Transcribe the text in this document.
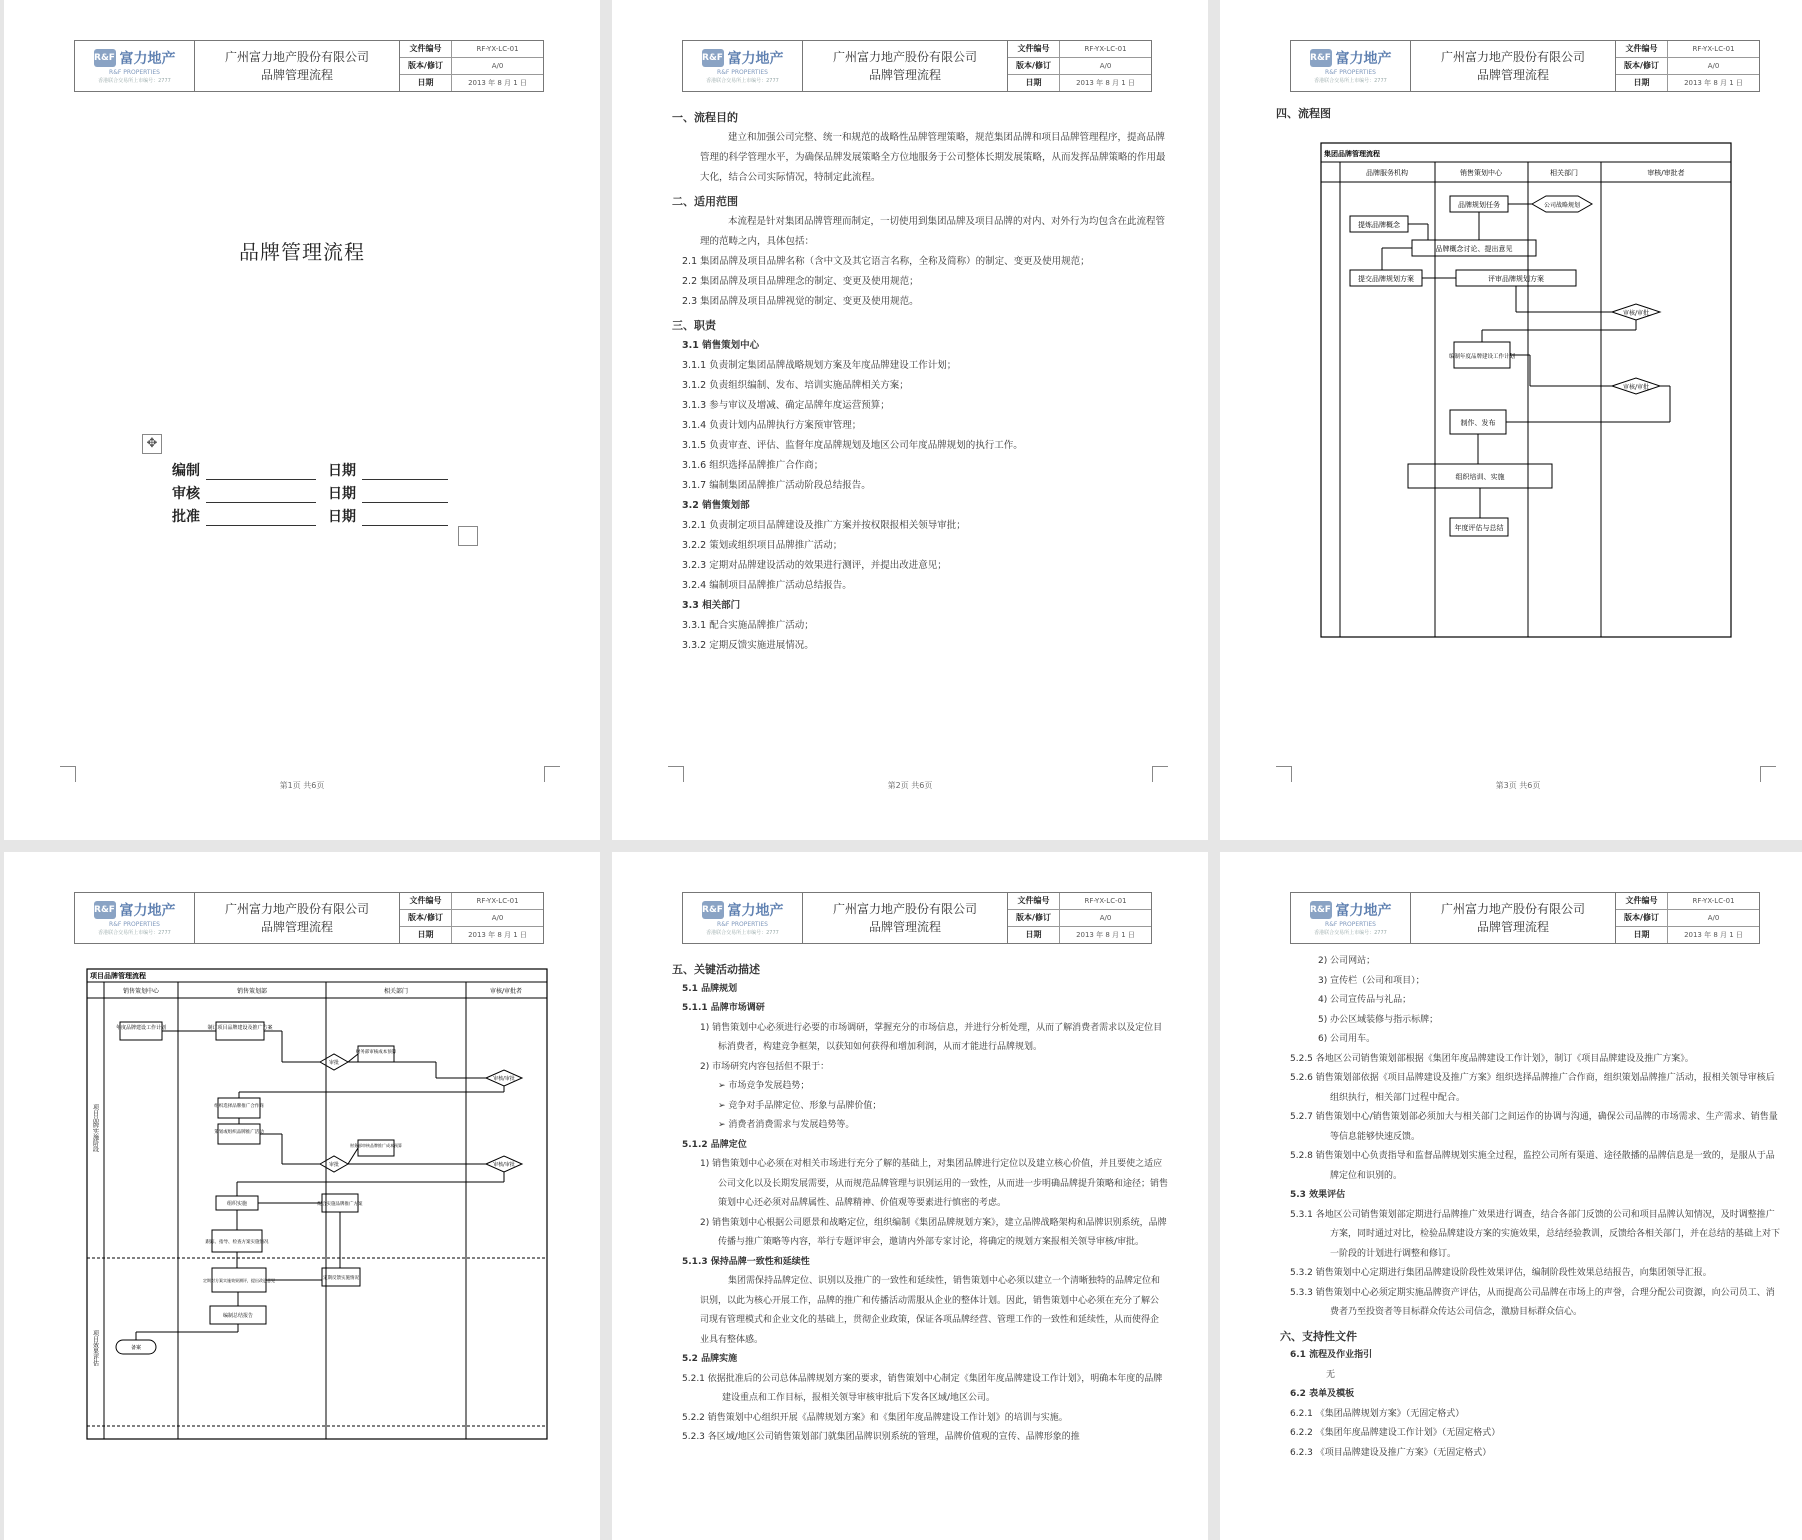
R&F 富力地产
R&F PROPERTIES
香港联合交易所上市编号：2777
广州富力地产股份有限公司
品牌管理流程
文件编号	RF-YX-LC-01
版本/修订	A/0
日期	2013 年 8 月 1 日
品牌管理流程
✥
编制	日期
审核	日期
批准	日期
第1页 共6页
R&F 富力地产
R&F PROPERTIES
香港联合交易所上市编号：2777
广州富力地产股份有限公司
品牌管理流程
文件编号	RF-YX-LC-01
版本/修订	A/0
日期	2013 年 8 月 1 日
一、流程目的
建立和加强公司完整、统一和规范的战略性品牌管理策略，规范集团品牌和项目品牌管理程序，提高品牌管理的科学管理水平，为确保品牌发展策略全方位地服务于公司整体长期发展策略，从而发挥品牌策略的作用最大化，结合公司实际情况，特制定此流程。
二、适用范围
本流程是针对集团品牌管理而制定，一切使用到集团品牌及项目品牌的对内、对外行为均包含在此流程管理的范畴之内，具体包括：
2.1 集团品牌及项目品牌名称（含中文及其它语言名称，全称及简称）的制定、变更及使用规范；
2.2 集团品牌及项目品牌理念的制定、变更及使用规范；
2.3 集团品牌及项目品牌视觉的制定、变更及使用规范。
三、职责
3.1 销售策划中心
3.1.1 负责制定集团品牌战略规划方案及年度品牌建设工作计划；
3.1.2 负责组织编制、发布、培训实施品牌相关方案；
3.1.3 参与审议及增减、确定品牌年度运营预算；
3.1.4 负责计划内品牌执行方案预审管理；
3.1.5 负责审查、评估、监督年度品牌规划及地区公司年度品牌规划的执行工作。
3.1.6 组织选择品牌推广合作商；
3.1.7 编制集团品牌推广活动阶段总结报告。
3.2 销售策划部
3.2.1 负责制定项目品牌建设及推广方案并按权限报相关领导审批；
3.2.2 策划或组织项目品牌推广活动；
3.2.3 定期对品牌建设活动的效果进行测评，并提出改进意见；
3.2.4 编制项目品牌推广活动总结报告。
3.3 相关部门
3.3.1 配合实施品牌推广活动；
3.3.2 定期反馈实施进展情况。
第2页 共6页
R&F 富力地产
R&F PROPERTIES
香港联合交易所上市编号：2777
广州富力地产股份有限公司
品牌管理流程
文件编号	RF-YX-LC-01
版本/修订	A/0
日期	2013 年 8 月 1 日
四、流程图
集团品牌管理流程
品牌服务机构	销售策划中心	相关部门	审核/审批者
品牌规划任务	公司战略规划
提炼品牌概念
品牌概念讨论、提出意见
提交品牌规划方案	评审品牌规划方案
审核/审批
编制年度品牌建设工作计划
审核/审批
制作、发布
组织培训、实施
年度评估与总结
第3页 共6页
R&F 富力地产
R&F PROPERTIES
香港联合交易所上市编号：2777
广州富力地产股份有限公司
品牌管理流程
文件编号	RF-YX-LC-01
版本/修订	A/0
日期	2013 年 8 月 1 日
项目品牌管理流程
销售策划中心	销售策划部	相关部门	审核/审批者
项目品牌实施阶段
项目效果评估
年度品牌建设工作计划	制订项目品牌建设及推广方案
审批
财务部审核成本预算
审核/审批
组织选择品牌推广合作商
策划或组织品牌推广活动
审批
财务部审核品牌推广成本预算
审核/审批
组织实施	配合实施品牌推广方案
跟踪、指导、检查方案实施情况
定期对方案实施效果测评，提出改进意见	定期反馈实施情况
编制总结报告
备案
R&F 富力地产
R&F PROPERTIES
香港联合交易所上市编号：2777
广州富力地产股份有限公司
品牌管理流程
文件编号	RF-YX-LC-01
版本/修订	A/0
日期	2013 年 8 月 1 日
五、关键活动描述
5.1 品牌规划
5.1.1 品牌市场调研
1) 销售策划中心必须进行必要的市场调研，掌握充分的市场信息，并进行分析处理，从而了解消费者需求以及定位目标消费者，构建竞争框架，以获知如何获得和增加利润，从而才能进行品牌规划。
2) 市场研究内容包括但不限于：
➢ 市场竞争发展趋势；
➢ 竞争对手品牌定位、形象与品牌价值；
➢ 消费者消费需求与发展趋势等。
5.1.2 品牌定位
1) 销售策划中心必须在对相关市场进行充分了解的基础上，对集团品牌进行定位以及建立核心价值，并且要使之适应公司文化以及长期发展需要，从而规范品牌管理与识别运用的一致性，从而进一步明确品牌提升策略和途径；销售策划中心还必须对品牌属性、品牌精神、价值观等要素进行慎密的考虑。
2) 销售策划中心根据公司愿景和战略定位，组织编制《集团品牌规划方案》，建立品牌战略架构和品牌识别系统，品牌传播与推广策略等内容，举行专题评审会，邀请内外部专家讨论，将确定的规划方案报相关领导审核/审批。
5.1.3 保持品牌一致性和延续性
集团需保持品牌定位、识别以及推广的一致性和延续性，销售策划中心必须以建立一个清晰独特的品牌定位和识别，以此为核心开展工作，品牌的推广和传播活动需服从企业的整体计划。因此，销售策划中心必须在充分了解公司现有管理模式和企业文化的基础上，贯彻企业政策，保证各项品牌经营、管理工作的一致性和延续性，从而使得企业具有整体感。
5.2 品牌实施
5.2.1 依据批准后的公司总体品牌规划方案的要求，销售策划中心制定《集团年度品牌建设工作计划》，明确本年度的品牌建设重点和工作目标，报相关领导审核审批后下发各区域/地区公司。
5.2.2 销售策划中心组织开展《品牌规划方案》和《集团年度品牌建设工作计划》的培训与实施。
5.2.3 各区域/地区公司销售策划部门就集团品牌识别系统的管理，品牌价值观的宣传、品牌形象的推
R&F 富力地产
R&F PROPERTIES
香港联合交易所上市编号：2777
广州富力地产股份有限公司
品牌管理流程
文件编号	RF-YX-LC-01
版本/修订	A/0
日期	2013 年 8 月 1 日
2) 公司网站；
3) 宣传栏（公司和项目）；
4) 公司宣传品与礼品；
5) 办公区域装修与指示标牌；
6) 公司用车。
5.2.5 各地区公司销售策划部根据《集团年度品牌建设工作计划》，制订《项目品牌建设及推广方案》。
5.2.6 销售策划部依据《项目品牌建设及推广方案》组织选择品牌推广合作商，组织策划品牌推广活动，报相关领导审核后组织执行，相关部门过程中配合。
5.2.7 销售策划中心/销售策划部必须加大与相关部门之间运作的协调与沟通，确保公司品牌的市场需求、生产需求、销售量等信息能够快速反馈。
5.2.8 销售策划中心负责指导和监督品牌规划实施全过程，监控公司所有渠道、途径散播的品牌信息是一致的，是服从于品牌定位和识别的。
5.3 效果评估
5.3.1 各地区公司销售策划部定期进行品牌推广效果进行调查，结合各部门反馈的公司和项目品牌认知情况，及时调整推广方案，同时通过对比，检验品牌建设方案的实施效果，总结经验教训，反馈给各相关部门，并在总结的基础上对下一阶段的计划进行调整和修订。
5.3.2 销售策划中心定期进行集团品牌建设阶段性效果评估，编制阶段性效果总结报告，向集团领导汇报。
5.3.3 销售策划中心必须定期实施品牌资产评估，从而提高公司品牌在市场上的声誉，合理分配公司资源，向公司员工、消费者乃至投资者等目标群众传达公司信念，激励目标群众信心。
六、支持性文件
6.1 流程及作业指引
无
6.2 表单及模板
6.2.1 《集团品牌规划方案》（无固定格式）
6.2.2 《集团年度品牌建设工作计划》（无固定格式）
6.2.3 《项目品牌建设及推广方案》（无固定格式）
